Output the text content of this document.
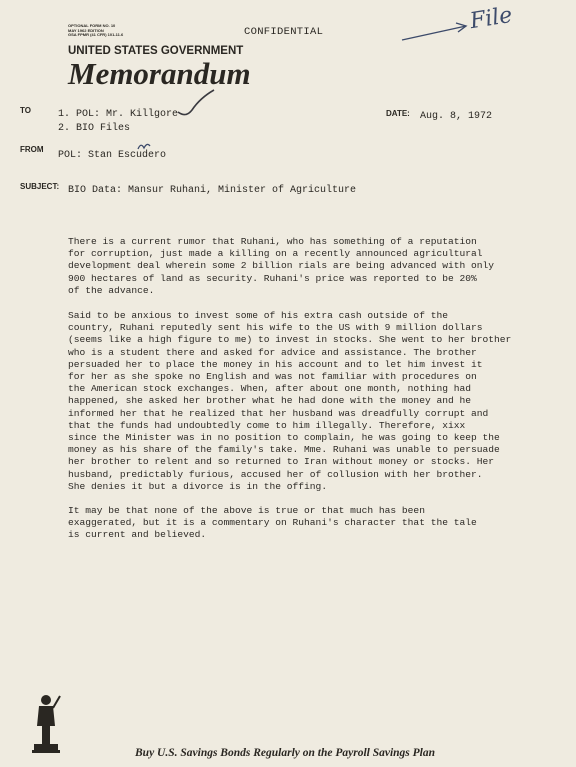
OPTIONAL FORM NO. 10
MAY 1962 EDITION
GSA FPMR (41 CFR) 101-11.6	CONFIDENTIAL	File
UNITED STATES GOVERNMENT
Memorandum
TO	1. POL: Mr. Killgore
2. BIO Files
DATE: Aug. 8, 1972
FROM
POL: Stan Escudero
SUBJECT: BIO Data: Mansur Ruhani, Minister of Agriculture
There is a current rumor that Ruhani, who has something of a reputation
for corruption, just made a killing on a recently announced agricultural
development deal wherein some 2 billion rials are being advanced with only
900 hectares of land as security. Ruhani's price was reported to be 20%
of the advance.
Said to be anxious to invest some of his extra cash outside of the
country, Ruhani reputedly sent his wife to the US with 9 million dollars
(seems like a high figure to me) to invest in stocks. She went to her brother
who is a student there and asked for advice and assistance. The brother
persuaded her to place the money in his account and to let him invest it
for her as she spoke no English and was not familiar with procedures on
the American stock exchanges. When, after about one month, nothing had
happened, she asked her brother what he had done with the money and he
informed her that he realized that her husband was dreadfully corrupt and
that the funds had undoubtedly come to him illegally. Therefore, xixx
since the Minister was in no position to complain, he was going to keep the
money as his share of the family's take. Mme. Ruhani was unable to persuade
her brother to relent and so returned to Iran without money or stocks. Her
husband, predictably furious, accused her of collusion with her brother.
She denies it but a divorce is in the offing.
It may be that none of the above is true or that much has been
exaggerated, but it is a commentary on Ruhani's character that the tale
is current and believed.
Buy U.S. Savings Bonds Regularly on the Payroll Savings Plan
